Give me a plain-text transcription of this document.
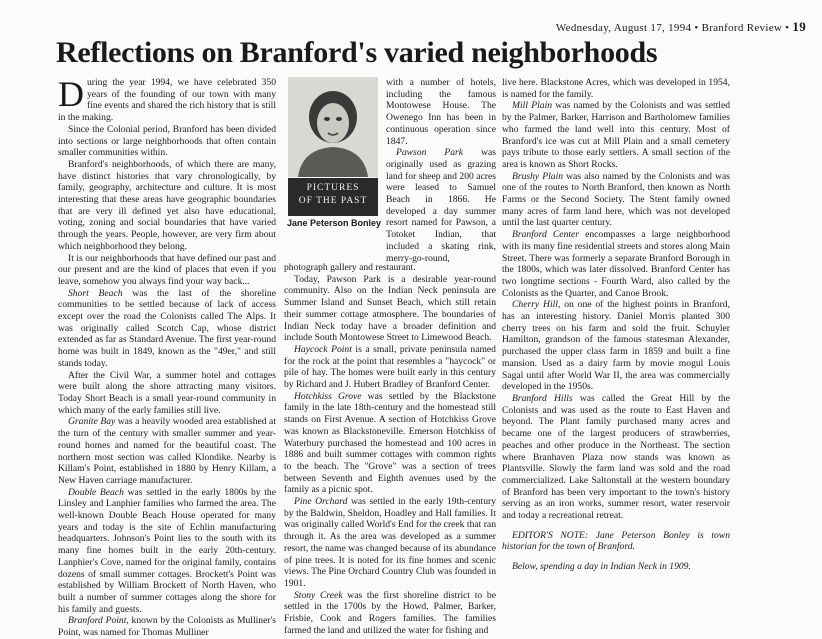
Wednesday, August 17, 1994 • Branford Review • 19
Reflections on Branford's varied neighborhoods

During the year 1994, we have celebrated 350 years of the founding of our town with many fine events and shared the rich history that is still in the making.

Since the Colonial period, Branford has been divided into sections or large neighborhoods that often contain smaller communities within.

Branford's neighborhoods, of which there are many, have distinct histories that vary chronologically, by family, geography, architecture and culture. It is most interesting that these areas have geographic boundaries that are very ill defined yet also have educational, voting, zoning and social boundaries that have varied through the years. People, however, are very firm about which neighborhood they belong.

It is our neighborhoods that have defined our past and our present and are the kind of places that even if you leave, somehow you always find your way back...

Short Beach was the last of the shoreline communities to be settled because of lack of access except over the road the Colonists called The Alps. It was originally called Scotch Cap, whose district extended as far as Standard Avenue. The first year-round home was built in 1849, known as the "49er," and still stands today.

After the Civil War, a summer hotel and cottages were built along the shore attracting many visitors. Today Short Beach is a small year-round community in which many of the early families still live.

Granite Bay was a heavily wooded area established at the turn of the century with smaller summer and year-round homes and named for the beautiful coast. The northern most section was called Klondike. Nearby is Killam's Point, established in 1880 by Henry Killam, a New Haven carriage manufacturer.

Double Beach was settled in the early 1800s by the Linsley and Lanphier families who farmed the area. The well-known Double Beach House operated for many years and today is the site of Echlin manufacturing headquarters. Johnson's Point lies to the south with its many fine homes built in the early 20th-century. Lanphier's Cove, named for the original family, contains dozens of small summer cottages. Brockett's Point was established by William Brockett of North Haven, who built a number of summer cottages along the shore for his family and guests.

Branford Point, known by the Colonists as Mulliner's Point, was named for Thomas Mulliner

PICTURES
OF THE PAST
Jane Peterson Bonley

with a number of hotels, including the famous Montowese House. The Owenego Inn has been in continuous operation since 1847.

Pawson Park was originally used as grazing land for sheep and 200 acres were leased to Samuel Beach in 1866. He developed a day summer resort named for Pawson, a Totoket Indian, that included a skating rink, merry-go-round,

photograph gallery and restaurant.

Today, Pawson Park is a desirable year-round community. Also on the Indian Neck peninsula are Summer Island and Sunset Beach, which still retain their summer cottage atmosphere. The boundaries of Indian Neck today have a broader definition and include South Montowese Street to Limewood Beach.

Haycock Point is a small, private peninsula named for the rock at the point that resembles a "haycock" or pile of hay. The homes were built early in this century by Richard and J. Hubert Bradley of Branford Center.

Hotchkiss Grove was settled by the Blackstone family in the late 18th-century and the homestead still stands on First Avenue. A section of Hotchkiss Grove was known as Blackstoneville. Emerson Hotchkiss of Waterbury purchased the homestead and 100 acres in 1886 and built summer cottages with common rights to the beach. The "Grove" was a section of trees between Seventh and Eighth avenues used by the family as a picnic spot.

Pine Orchard was settled in the early 19th-century by the Baldwin, Sheldon, Hoadley and Hall families. It was originally called World's End for the creek that ran through it. As the area was developed as a summer resort, the name was changed because of its abundance of pine trees. It is noted for its fine homes and scenic views. The Pine Orchard Country Club was founded in 1901.

Stony Creek was the first shoreline district to be settled in the 1700s by the Howd, Palmer, Barker, Frisbie, Cook and Rogers families. The families farmed the land and utilized the water for fishing and

live here. Blackstone Acres, which was developed in 1954, is named for the family.

Mill Plain was named by the Colonists and was settled by the Palmer, Barker, Harrison and Bartholomew families who farmed the land well into this century. Most of Branford's ice was cut at Mill Plain and a small cemetery pays tribute to those early settlers. A small section of the area is known as Short Rocks.

Brushy Plain was also named by the Colonists and was one of the routes to North Branford, then known as North Farms or the Second Society. The Stent family owned many acres of farm land here, which was not developed until the last quarter century.

Branford Center encompasses a large neighborhood with its many fine residential streets and stores along Main Street. There was formerly a separate Branford Borough in the 1800s, which was later dissolved. Branford Center has two longtime sections - Fourth Ward, also called by the Colonists as the Quarter, and Canoe Brook.

Cherry Hill, on one of the highest points in Branford, has an interesting history. Daniel Morris planted 300 cherry trees on his farm and sold the fruit. Schuyler Hamilton, grandson of the famous statesman Alexander, purchased the upper class farm in 1859 and built a fine mansion. Used as a dairy farm by movie mogul Louis Sagal until after World War II, the area was commercially developed in the 1950s.

Branford Hills was called the Great Hill by the Colonists and was used as the route to East Haven and beyond. The Plant family purchased many acres and became one of the largest producers of strawberries, peaches and other produce in the Northeast. The section where Branhaven Plaza now stands was known as Plantsville. Slowly the farm land was sold and the road commercialized. Lake Saltonstall at the western boundary of Branford has been very important to the town's history serving as an iron works, summer resort, water reservoir and today a recreational retreat.

EDITOR'S NOTE: Jane Peterson Bonley is town historian for the town of Branford.

Below, spending a day in Indian Neck in 1909.
